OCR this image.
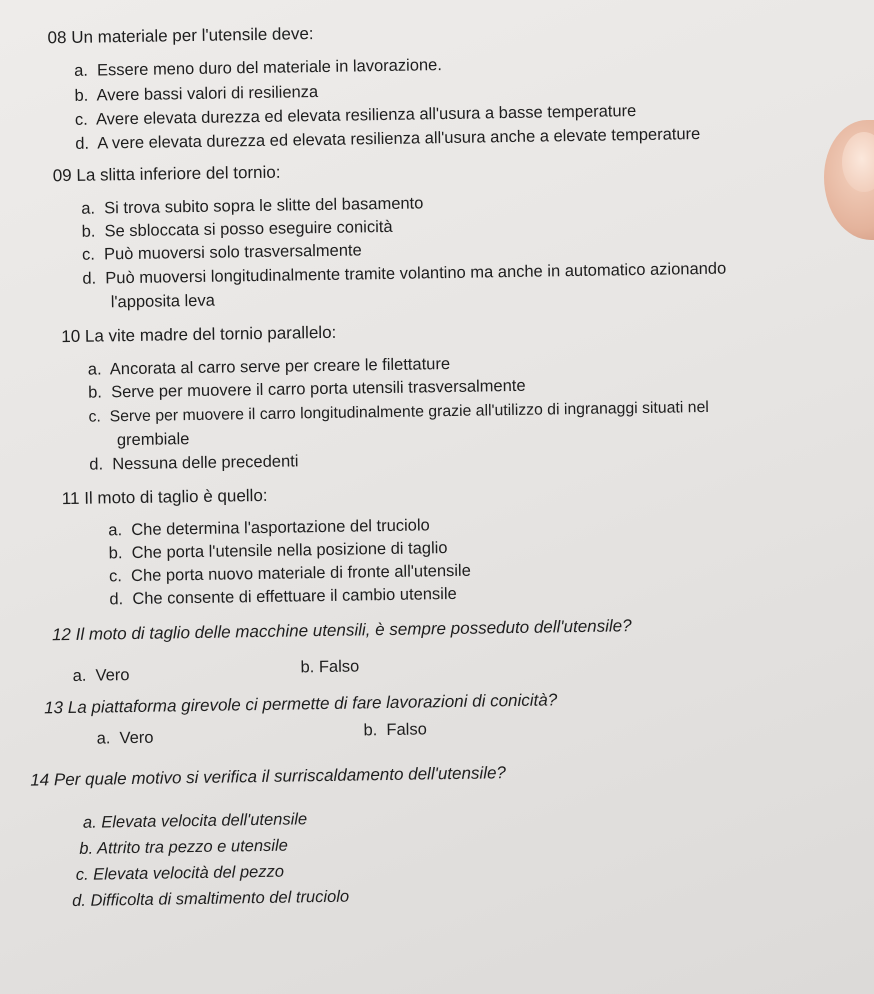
08 Un materiale per l'utensile deve:
a. Essere meno duro del materiale in lavorazione.
b. Avere bassi valori di resilienza
c. Avere elevata durezza ed elevata resilienza all'usura a basse temperature
d. A vere elevata durezza ed elevata resilienza all'usura anche a elevate temperature
09 La slitta inferiore del tornio:
a. Si trova subito sopra le slitte del basamento
b. Se sbloccata si posso eseguire conicità
c. Può muoversi solo trasversalmente
d. Può muoversi longitudinalmente tramite volantino ma anche in automatico azionando
l'apposita leva
10 La vite madre del tornio parallelo:
a. Ancorata al carro serve per creare le filettature
b. Serve per muovere il carro porta utensili trasversalmente
c. Serve per muovere il carro longitudinalmente grazie all'utilizzo di ingranaggi situati nel
grembiale
d. Nessuna delle precedenti
11 Il moto di taglio è quello:
a. Che determina l'asportazione del truciolo
b. Che porta l'utensile nella posizione di taglio
c. Che porta nuovo materiale di fronte all'utensile
d. Che consente di effettuare il cambio utensile
12 Il moto di taglio delle macchine utensili, è sempre posseduto dell'utensile?
a. Vero	b. Falso
13 La piattaforma girevole ci permette di fare lavorazioni di conicità?
a. Vero	b. Falso
14 Per quale motivo si verifica il surriscaldamento dell'utensile?
a. Elevata velocita dell'utensile
b. Attrito tra pezzo e utensile
c. Elevata velocità del pezzo
d. Difficolta di smaltimento del truciolo
